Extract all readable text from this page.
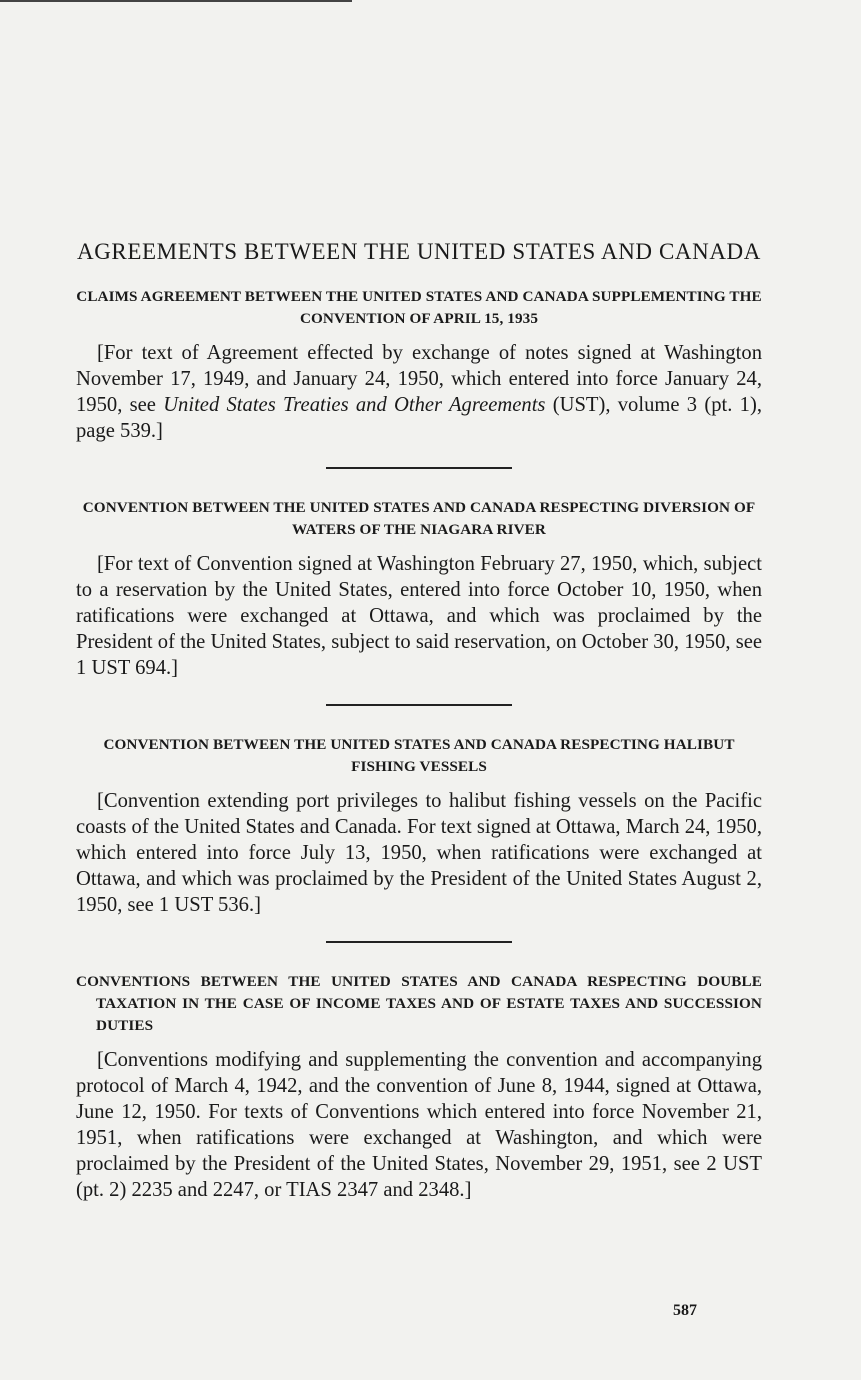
AGREEMENTS BETWEEN THE UNITED STATES AND CANADA
CLAIMS AGREEMENT BETWEEN THE UNITED STATES AND CANADA SUPPLEMENTING THE CONVENTION OF APRIL 15, 1935

[For text of Agreement effected by exchange of notes signed at Washington November 17, 1949, and January 24, 1950, which entered into force January 24, 1950, see United States Treaties and Other Agreements (UST), volume 3 (pt. 1), page 539.]

CONVENTION BETWEEN THE UNITED STATES AND CANADA RESPECTING DIVERSION OF WATERS OF THE NIAGARA RIVER

[For text of Convention signed at Washington February 27, 1950, which, subject to a reservation by the United States, entered into force October 10, 1950, when ratifications were exchanged at Ottawa, and which was proclaimed by the President of the United States, subject to said reservation, on October 30, 1950, see 1 UST 694.]

CONVENTION BETWEEN THE UNITED STATES AND CANADA RESPECTING HALIBUT FISHING VESSELS

[Convention extending port privileges to halibut fishing vessels on the Pacific coasts of the United States and Canada. For text signed at Ottawa, March 24, 1950, which entered into force July 13, 1950, when ratifications were exchanged at Ottawa, and which was proclaimed by the President of the United States August 2, 1950, see 1 UST 536.]

CONVENTIONS BETWEEN THE UNITED STATES AND CANADA RESPECTING DOUBLE TAXATION IN THE CASE OF INCOME TAXES AND OF ESTATE TAXES AND SUCCESSION DUTIES

[Conventions modifying and supplementing the convention and accompanying protocol of March 4, 1942, and the convention of June 8, 1944, signed at Ottawa, June 12, 1950. For texts of Conventions which entered into force November 21, 1951, when ratifications were exchanged at Washington, and which were proclaimed by the President of the United States, November 29, 1951, see 2 UST (pt. 2) 2235 and 2247, or TIAS 2347 and 2348.]

587
